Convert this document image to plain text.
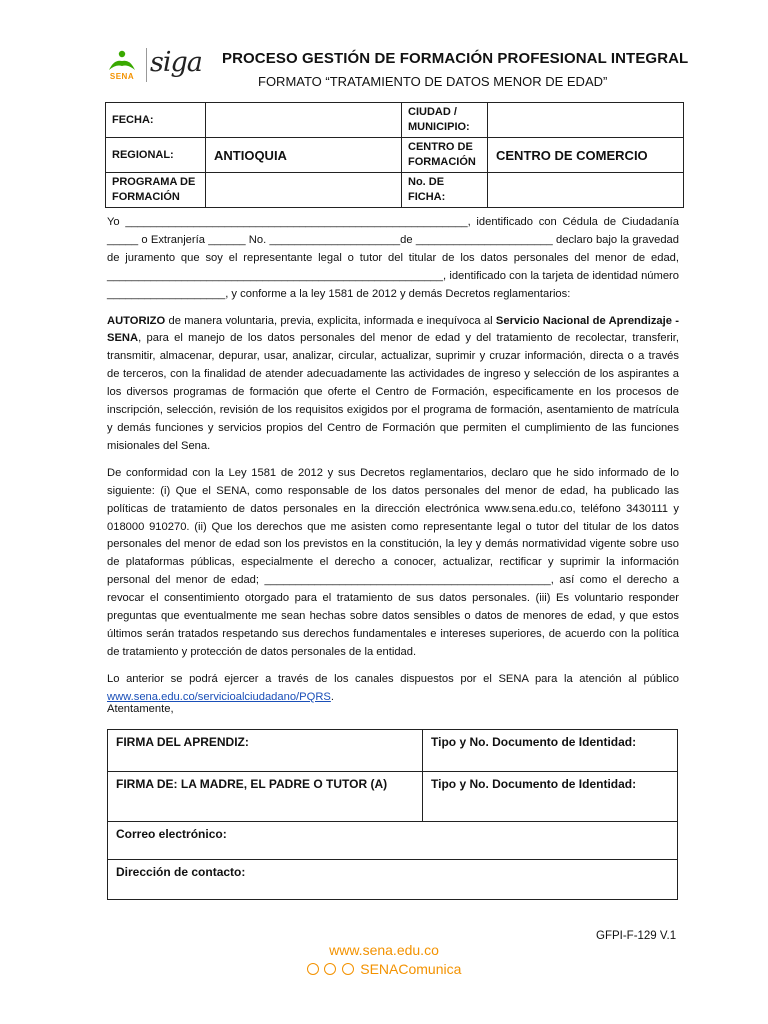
SENA siga PROCESO GESTIÓN DE FORMACIÓN PROFESIONAL INTEGRAL
FORMATO “TRATAMIENTO DE DATOS MENOR DE EDAD”
FECHA:		CIUDAD / MUNICIPIO:	
REGIONAL:	ANTIOQUIA	CENTRO DE FORMACIÓN	CENTRO DE COMERCIO
PROGRAMA DE FORMACIÓN		No. DE FICHA:	

Yo _______________________________________________________, identificado con Cédula de Ciudadanía _____ o Extranjería ______ No. _____________________de ______________________ declaro bajo la gravedad de juramento que soy el representante legal o tutor del titular de los datos personales del menor de edad, ______________________________________________________, identificado con la tarjeta de identidad número ___________________, y conforme a la ley 1581 de 2012 y demás Decretos reglamentarios:

AUTORIZO de manera voluntaria, previa, explicita, informada e inequívoca al Servicio Nacional de Aprendizaje - SENA, para el manejo de los datos personales del menor de edad y del tratamiento de recolectar, transferir, transmitir, almacenar, depurar, usar, analizar, circular, actualizar, suprimir y cruzar información, directa o a través de terceros, con la finalidad de atender adecuadamente las actividades de ingreso y selección de los aspirantes a los diversos programas de formación que oferte el Centro de Formación, especificamente en los procesos de inscripción, selección, revisión de los requisitos exigidos por el programa de formación, asentamiento de matrícula y demás funciones y servicios propios del Centro de Formación que permiten el cumplimiento de las funciones misionales del Sena.

De conformidad con la Ley 1581 de 2012 y sus Decretos reglamentarios, declaro que he sido informado de lo siguiente: (i) Que el SENA, como responsable de los datos personales del menor de edad, ha publicado las políticas de tratamiento de datos personales en la dirección electrónica www.sena.edu.co, teléfono 3430111 y 018000 910270. (ii) Que los derechos que me asisten como representante legal o tutor del titular de los datos personales del menor de edad son los previstos en la constitución, la ley y demás normatividad vigente sobre uso de plataformas públicas, especialmente el derecho a conocer, actualizar, rectificar y suprimir la información personal del menor de edad; ______________________________________________, así como el derecho a revocar el consentimiento otorgado para el tratamiento de sus datos personales. (iii) Es voluntario responder preguntas que eventualmente me sean hechas sobre datos sensibles o datos de menores de edad, y que estos últimos serán tratados respetando sus derechos fundamentales e intereses superiores, de acuerdo con la política de tratamiento y protección de datos personales de la entidad.

Lo anterior se podrá ejercer a través de los canales dispuestos por el SENA para la atención al público www.sena.edu.co/servicioalciudadano/PQRS.

Atentamente,
FIRMA DEL APRENDIZ:	Tipo y No. Documento de Identidad:
FIRMA DE: LA MADRE, EL PADRE O TUTOR (A)	Tipo y No. Documento de Identidad:
Correo electrónico:	
Dirección de contacto:	
GFPI-F-129 V.1
www.sena.edu.co
SENAComunica
